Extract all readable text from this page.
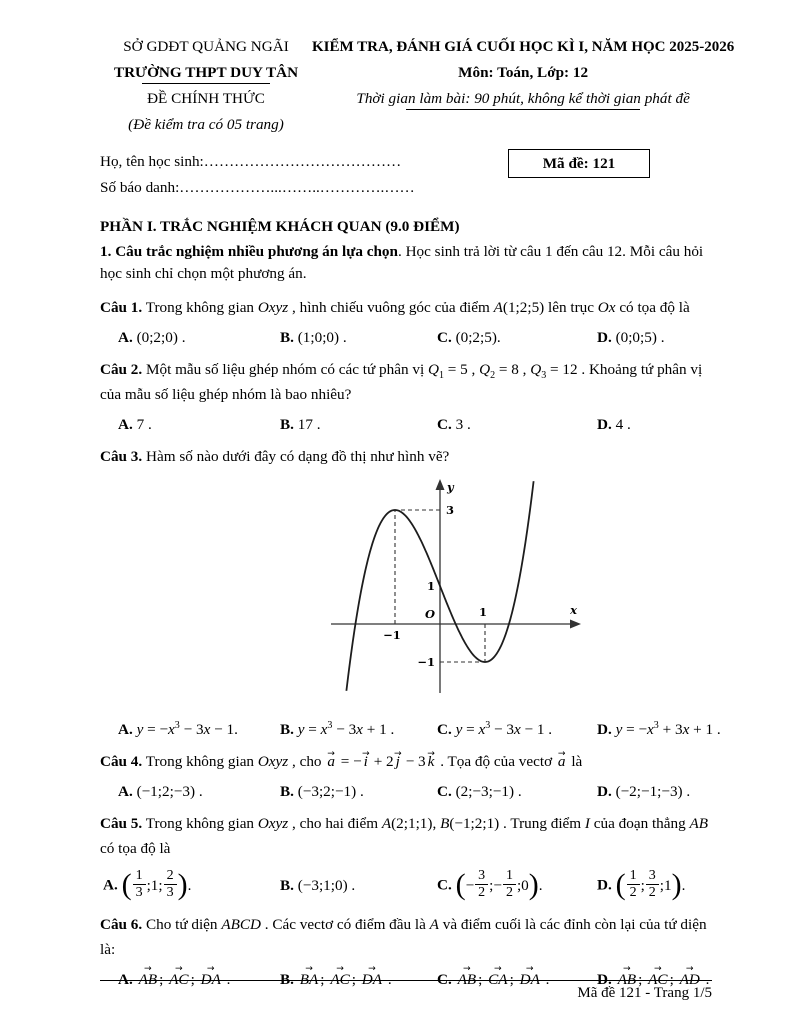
SỞ GDĐT QUẢNG NGÃI
TRƯỜNG THPT DUY TÂN
ĐỀ CHÍNH THỨC
(Đề kiểm tra có 05 trang)
KIỂM TRA, ĐÁNH GIÁ CUỐI HỌC KÌ I, NĂM HỌC 2025-2026
Môn: Toán, Lớp: 12
Thời gian làm bài: 90 phút, không kể thời gian phát đề
Họ, tên học sinh:…………………………………
Số báo danh:………………...……..………….……
Mã đề: 121
PHẦN I. TRẮC NGHIỆM KHÁCH QUAN (9.0 ĐIỂM)

1. Câu trắc nghiệm nhiều phương án lựa chọn. Học sinh trả lời từ câu 1 đến câu 12. Mỗi câu hỏi học sinh chỉ chọn một phương án.

Câu 1. Trong không gian Oxyz , hình chiếu vuông góc của điểm A(1;2;5) lên trục Ox có tọa độ là
A. (0;2;0) .	B. (1;0;0) .	C. (0;2;5).	D. (0;0;5) .
Câu 2. Một mẫu số liệu ghép nhóm có các tứ phân vị $Q_1 = 5$ , $Q_2 = 8$ , $Q_3 = 12$ . Khoảng tứ phân vị của mẫu số liệu ghép nhóm là bao nhiêu?
A. 7 .	B. 17 .	C. 3 .	D. 4 .
Câu 3. Hàm số nào dưới đây có dạng đồ thị như hình vẽ?
y
x
O
3
1
−1
−1
1
A. $y = -x^3 - 3x - 1$.	B. $y = x^3 - 3x + 1$ .	C. $y = x^3 - 3x - 1$ .	D. $y = -x^3 + 3x + 1$ .
Câu 4. Trong không gian Oxyz , cho → a = − → i + 2 → j − 3 → k . Tọa độ của vectơ → a là
A. (−1;2;−3) .	B. (−3;2;−1) .	C. (2;−3;−1) .	D. (−2;−1;−3) .
Câu 5. Trong không gian Oxyz , cho hai điểm A(2;1;1), B(−1;2;1) . Trung điểm I của đoạn thẳng AB có tọa độ là
A. ( $\frac{1}{3}$ ;1; $\frac{2}{3}$ ).	B. (−3;1;0) .	C. (− $\frac{3}{2}$ ;− $\frac{1}{2}$ ;0).	D. ( $\frac{1}{2}$ ; $\frac{3}{2}$ ;1).
Câu 6. Cho tứ diện ABCD . Các vectơ có điểm đầu là A và điểm cuối là các đỉnh còn lại của tứ diện là:
A. → AB ; → AC ; → DA .	B. → BA ; → AC ; → DA .	C. → AB ; → CA ; → DA .	D. → AB ; → AC ; → AD .
Mã đề 121 - Trang 1/5
